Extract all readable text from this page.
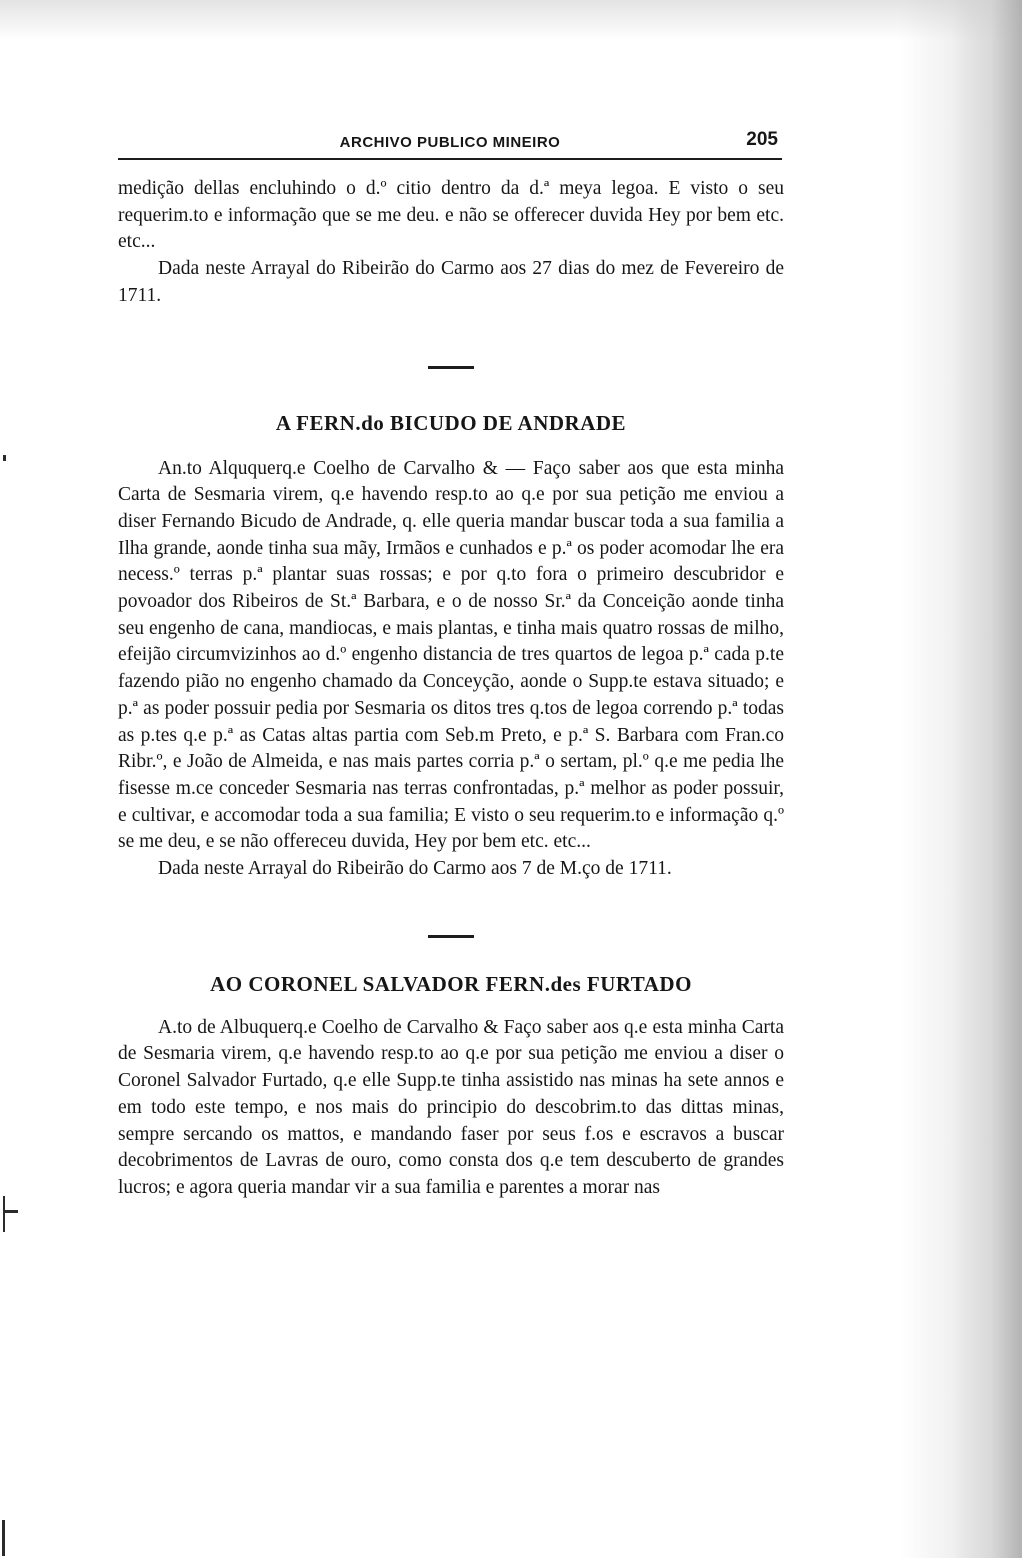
ARCHIVO PUBLICO MINEIRO	205

medição dellas encluhindo o d.º citio dentro da d.ª meya legoa. E visto o seu requerim.to e informação que se me deu. e não se offerecer duvida Hey por bem etc. etc...

Dada neste Arrayal do Ribeirão do Carmo aos 27 dias do mez de Fevereiro de 1711.

A FERN.do BICUDO DE ANDRADE

An.to Alququerq.e Coelho de Carvalho & — Faço saber aos que esta minha Carta de Sesmaria virem, q.e havendo resp.to ao q.e por sua petição me enviou a diser Fernando Bicudo de Andrade, q. elle queria mandar buscar toda a sua familia a Ilha grande, aonde tinha sua mãy, Irmãos e cunhados e p.ª os poder acomodar lhe era necess.º terras p.ª plantar suas rossas; e por q.to fora o primeiro descubridor e povoador dos Ribeiros de St.ª Barbara, e o de nosso Sr.ª da Conceição aonde tinha seu engenho de cana, mandiocas, e mais plantas, e tinha mais quatro rossas de milho, efeijão circumvizinhos ao d.º engenho distancia de tres quartos de legoa p.ª cada p.te fazendo pião no engenho chamado da Conceyção, aonde o Supp.te estava situado; e p.ª as poder possuir pedia por Sesmaria os ditos tres q.tos de legoa correndo p.ª todas as p.tes q.e p.ª as Catas altas partia com Seb.m Preto, e p.ª S. Barbara com Fran.co Ribr.º, e João de Almeida, e nas mais partes corria p.ª o sertam, pl.º q.e me pedia lhe fisesse m.ce conceder Sesmaria nas terras confrontadas, p.ª melhor as poder possuir, e cultivar, e accomodar toda a sua familia; E visto o seu requerim.to e informação q.º se me deu, e se não offereceu duvida, Hey por bem etc. etc...

Dada neste Arrayal do Ribeirão do Carmo aos 7 de M.ço de 1711.

AO CORONEL SALVADOR FERN.des FURTADO

A.to de Albuquerq.e Coelho de Carvalho & Faço saber aos q.e esta minha Carta de Sesmaria virem, q.e havendo resp.to ao q.e por sua petição me enviou a diser o Coronel Salvador Furtado, q.e elle Supp.te tinha assistido nas minas ha sete annos e em todo este tempo, e nos mais do principio do descobrim.to das dittas minas, sempre sercando os mattos, e mandando faser por seus f.os e escravos a buscar decobrimentos de Lavras de ouro, como consta dos q.e tem descuberto de grandes lucros; e agora queria mandar vir a sua familia e parentes a morar nas
